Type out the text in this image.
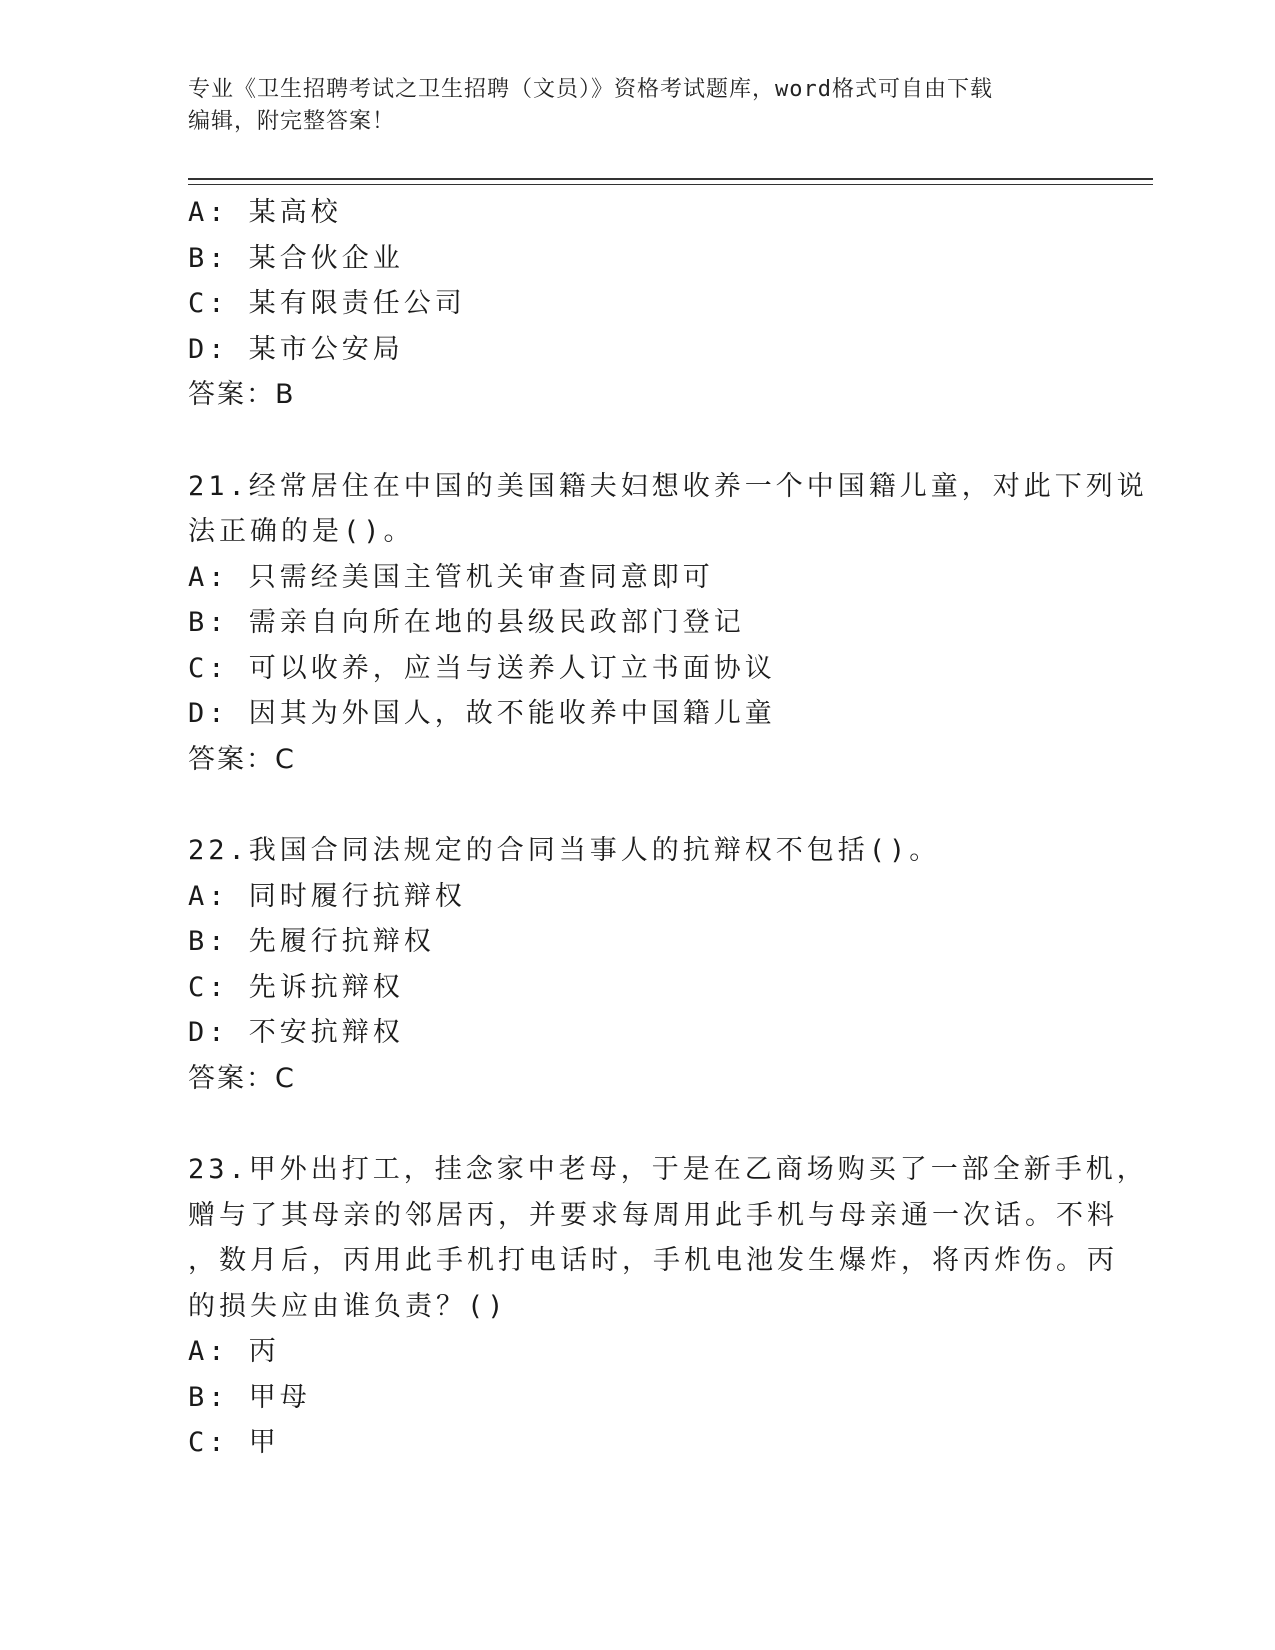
专业《卫生招聘考试之卫生招聘（文员）》资格考试题库，word格式可自由下载
编辑，附完整答案！
A: 某高校
B: 某合伙企业
C: 某有限责任公司
D: 某市公安局
答案：B
21.经常居住在中国的美国籍夫妇想收养一个中国籍儿童，对此下列说
法正确的是()。
A: 只需经美国主管机关审查同意即可
B: 需亲自向所在地的县级民政部门登记
C: 可以收养，应当与送养人订立书面协议
D: 因其为外国人，故不能收养中国籍儿童
答案：C
22.我国合同法规定的合同当事人的抗辩权不包括()。
A: 同时履行抗辩权
B: 先履行抗辩权
C: 先诉抗辩权
D: 不安抗辩权
答案：C
23.甲外出打工，挂念家中老母，于是在乙商场购买了一部全新手机，
赠与了其母亲的邻居丙，并要求每周用此手机与母亲通一次话。不料
，数月后，丙用此手机打电话时，手机电池发生爆炸，将丙炸伤。丙
的损失应由谁负责？()
A: 丙
B: 甲母
C: 甲
